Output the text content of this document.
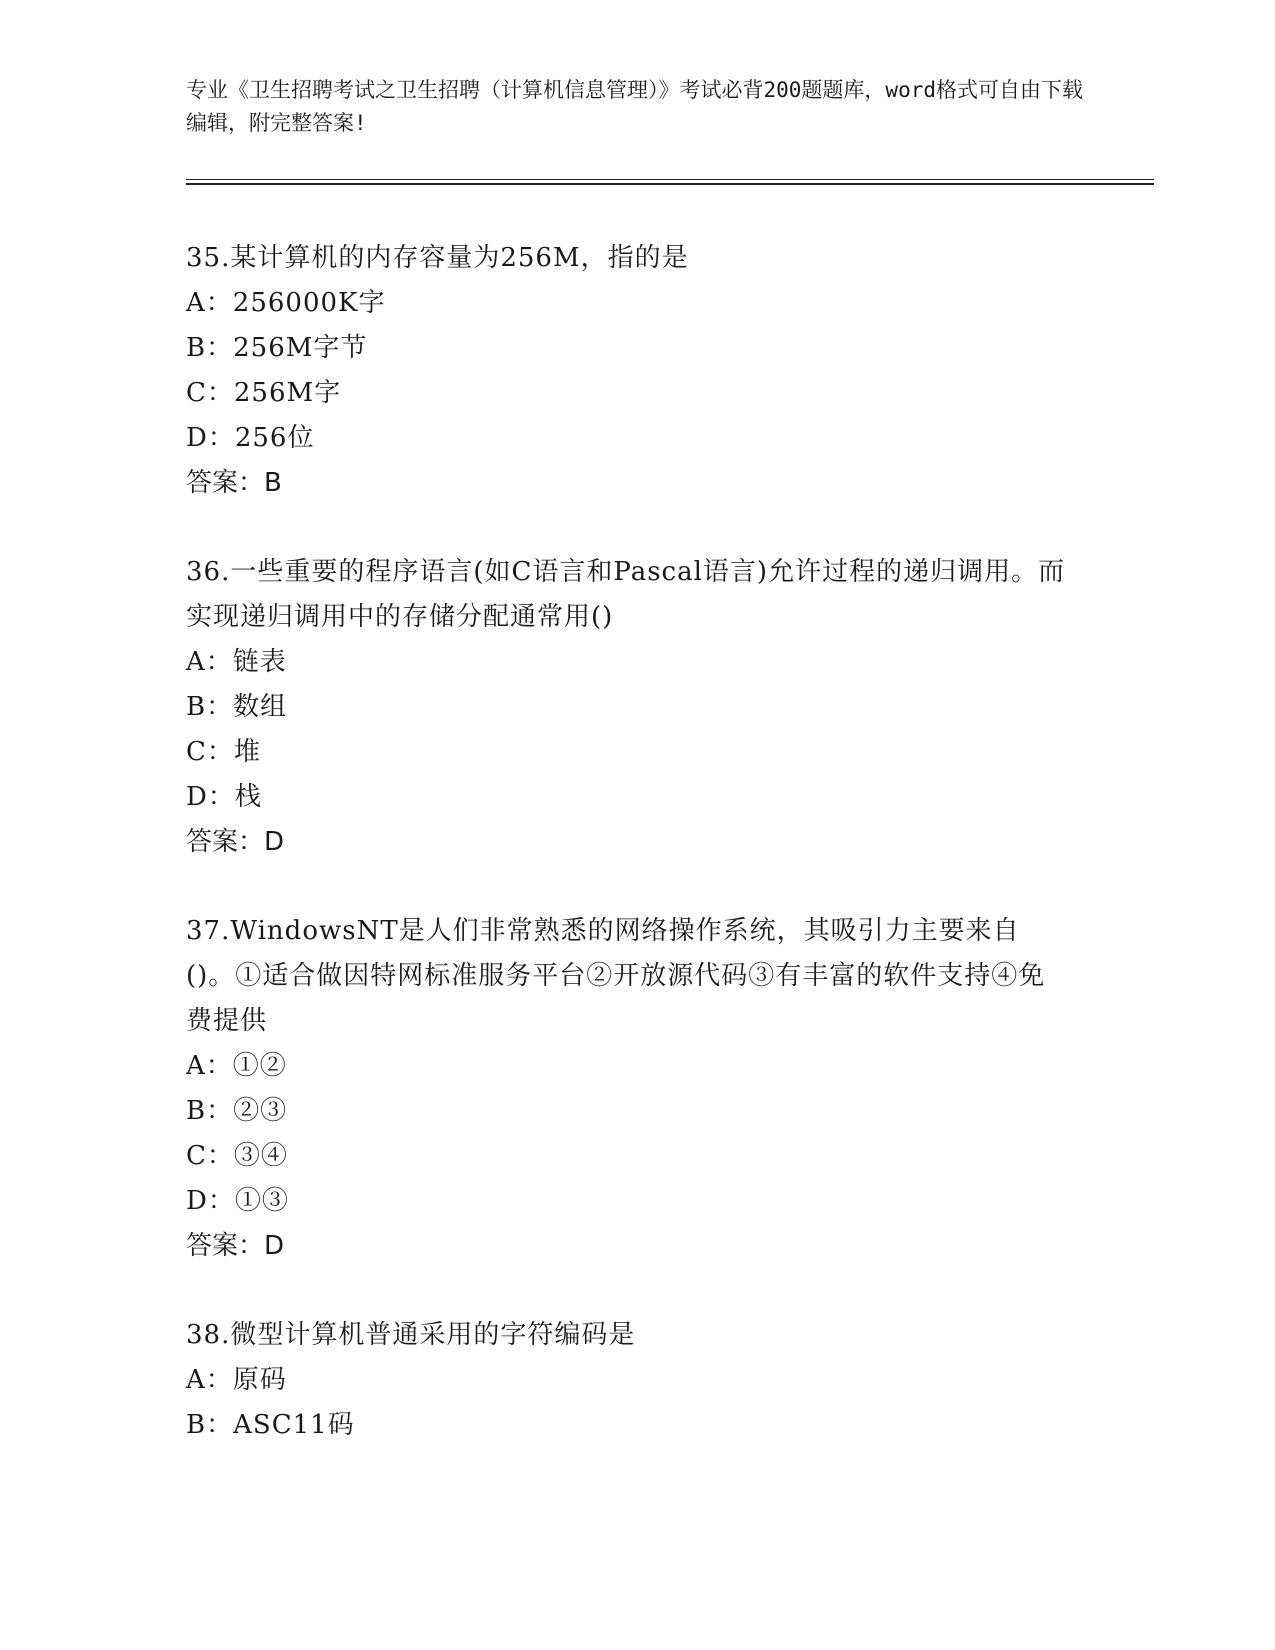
专业《卫生招聘考试之卫生招聘（计算机信息管理）》考试必背200题题库，word格式可自由下载编辑，附完整答案!
35.某计算机的内存容量为256M，指的是
A：256000K字
B：256M字节
C：256M字
D：256位
答案：B
36.一些重要的程序语言(如C语言和Pascal语言)允许过程的递归调用。而实现递归调用中的存储分配通常用()
A：链表
B：数组
C：堆
D：栈
答案：D
37.WindowsNT是人们非常熟悉的网络操作系统，其吸引力主要来自()。①适合做因特网标准服务平台②开放源代码③有丰富的软件支持④免费提供
A：①②
B：②③
C：③④
D：①③
答案：D
38.微型计算机普通采用的字符编码是
A：原码
B：ASC11码
